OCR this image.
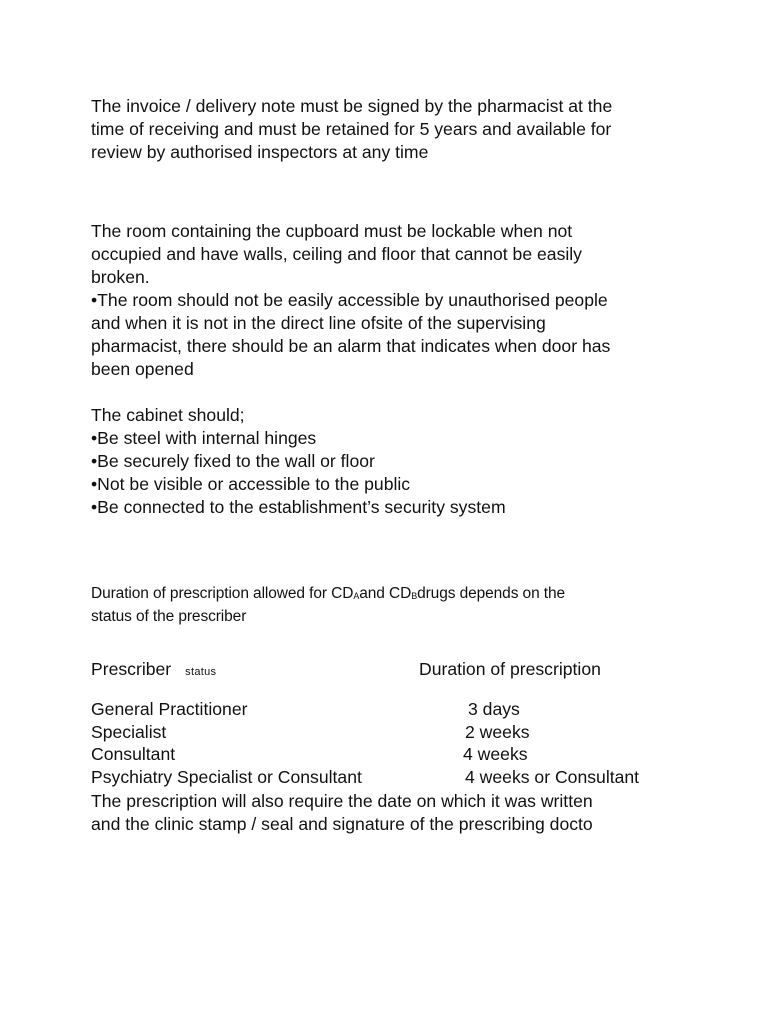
The invoice / delivery note must be signed by the pharmacist at the
time of receiving and must be retained for 5 years and available for
review by authorised inspectors at any time

The room containing the cupboard must be lockable when not
occupied and have walls, ceiling and floor that cannot be easily
broken.
•The room should not be easily accessible by unauthorised people
and when it is not in the direct line ofsite of the supervising
pharmacist, there should be an alarm that indicates when door has
been opened

The cabinet should;
•Be steel with internal hinges
•Be securely fixed to the wall or floor
•Not be visible or accessible to the public
•Be connected to the establishment’s security system

Duration of prescription allowed for CDAand CDBdrugs depends on the
status of the prescriber

Prescriber status	Duration of prescription
General Practitioner	3 days
Specialist	2 weeks
Consultant	4 weeks
Psychiatry Specialist or Consultant	4 weeks or Consultant

The prescription will also require the date on which it was written
and the clinic stamp / seal and signature of the prescribing docto
